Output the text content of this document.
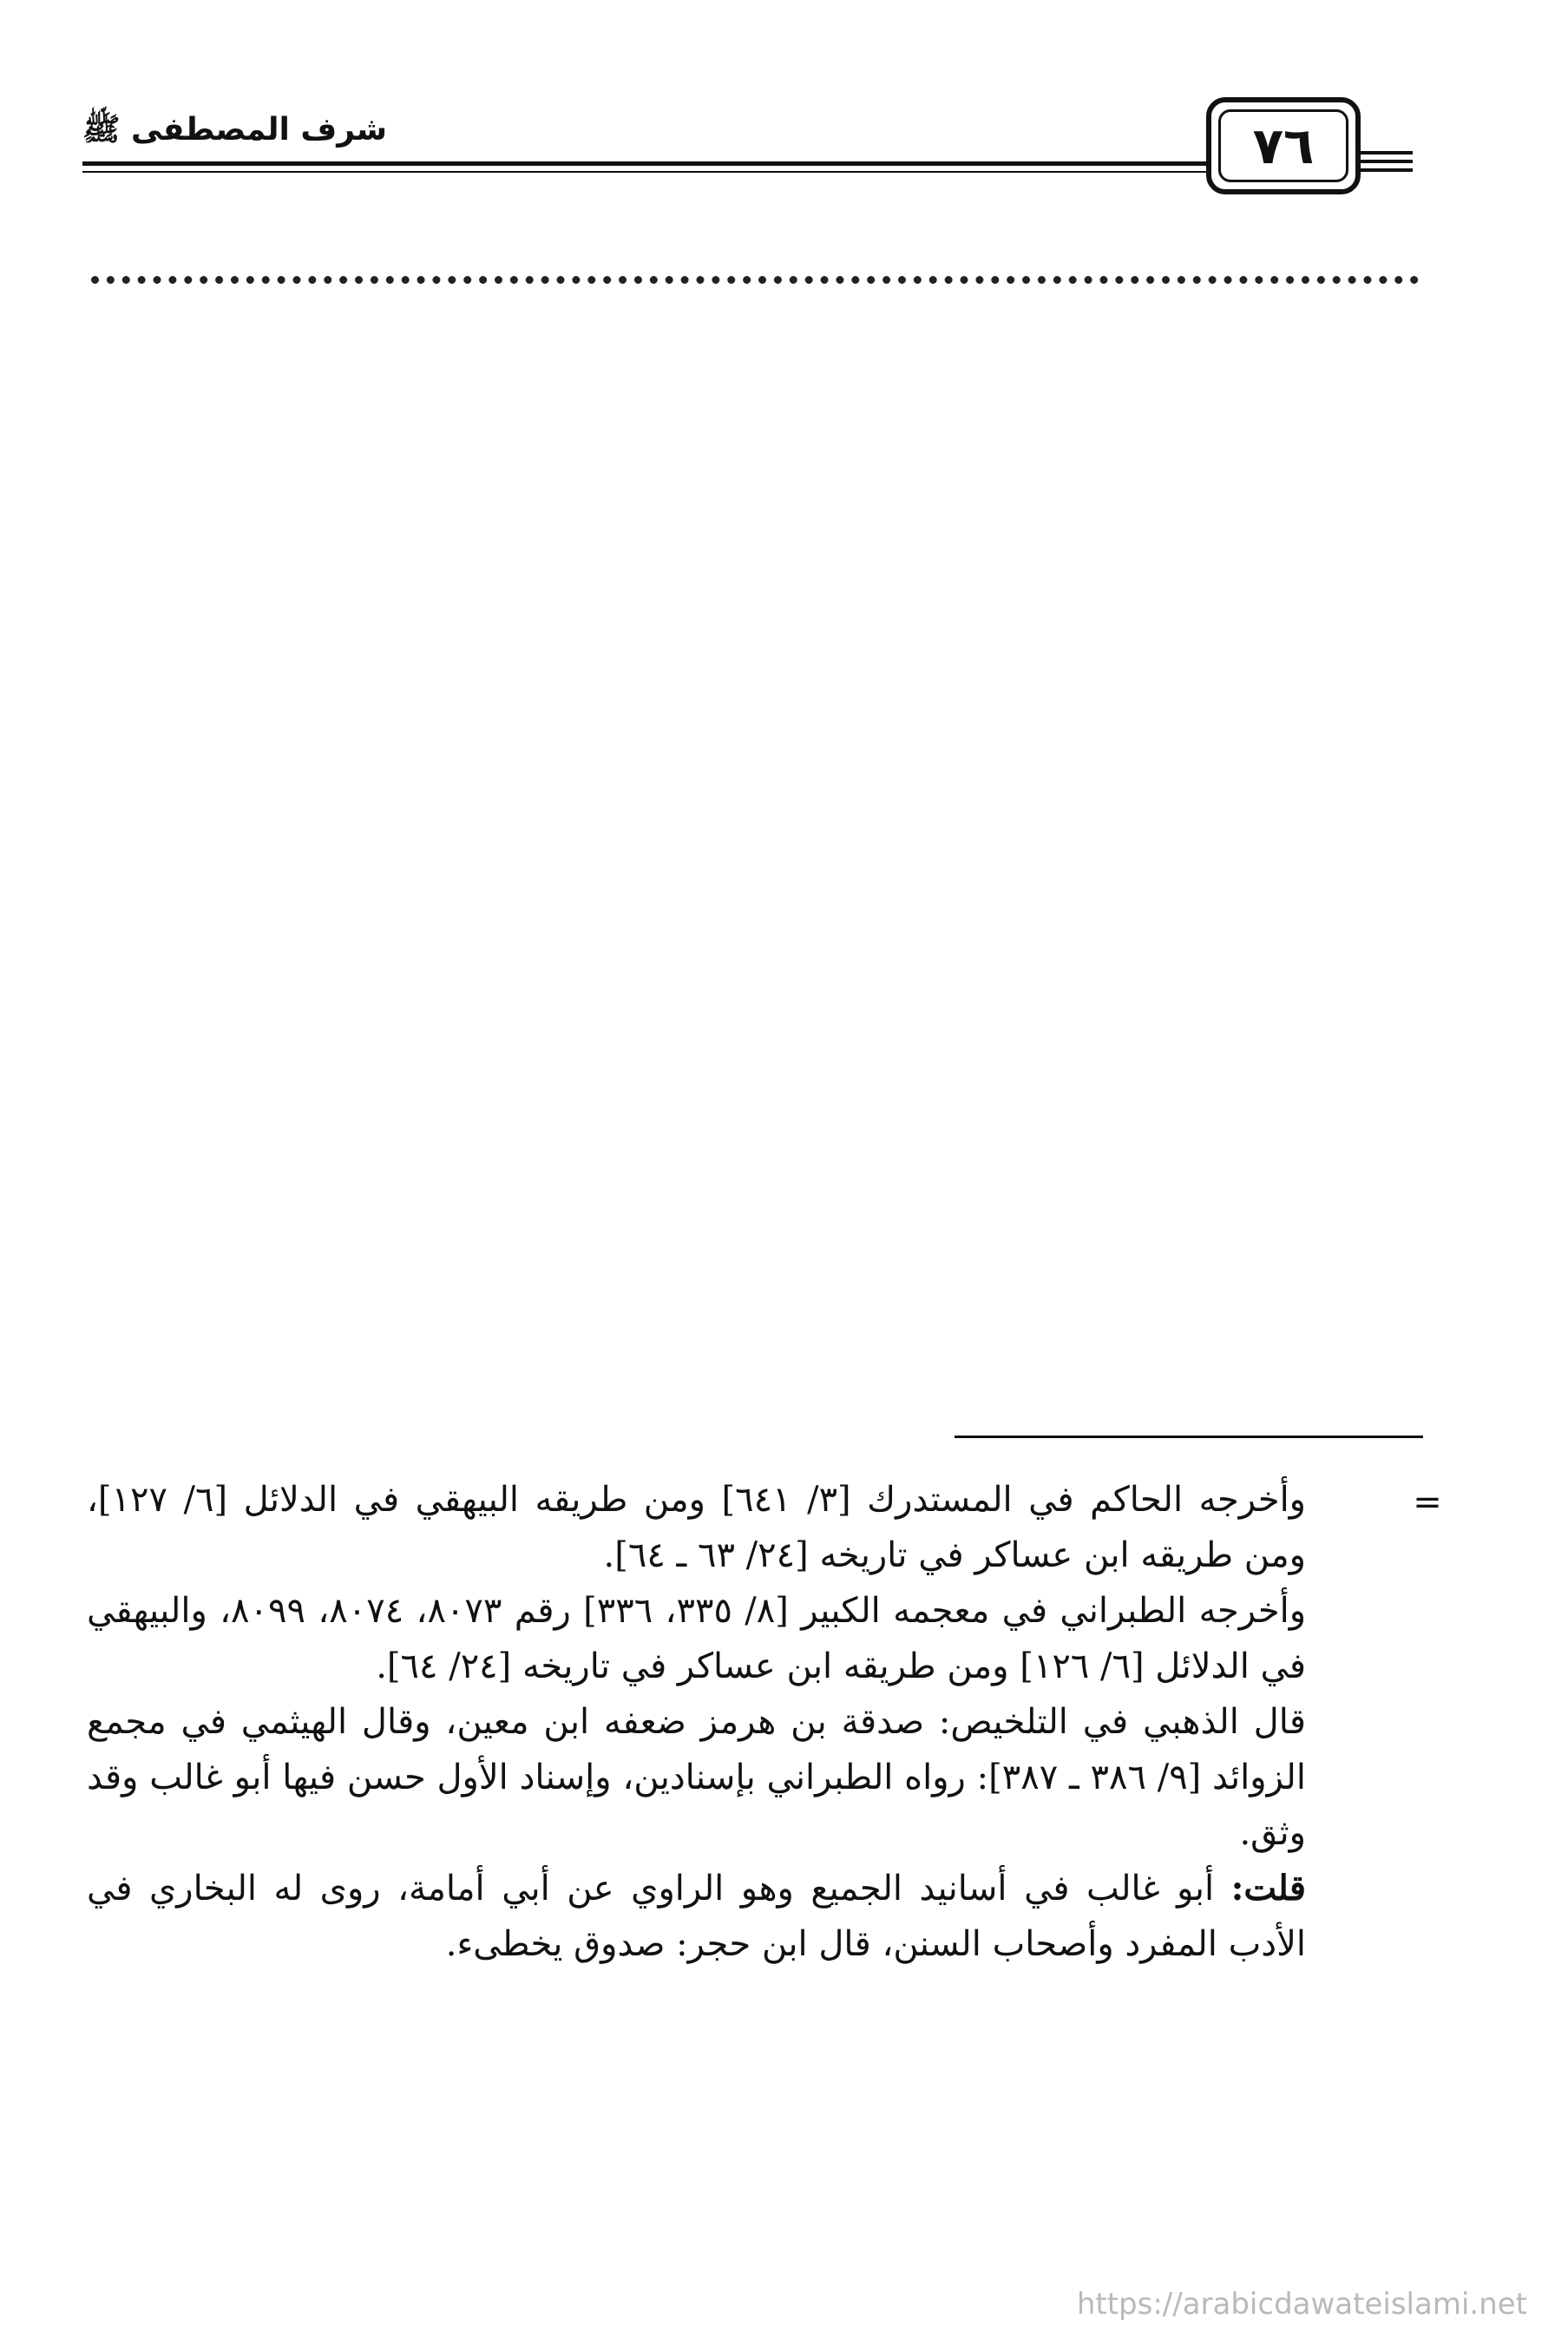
٧٦
شرف المصطفى ﷺ
=

وأخرجه الحاكم في المستدرك [٣/ ٦٤١] ومن طريقه البيهقي في الدلائل [٦/ ١٢٧]، ومن طريقه ابن عساكر في تاريخه [٢٤/ ٦٣ ـ ٦٤].

وأخرجه الطبراني في معجمه الكبير [٨/ ٣٣٥، ٣٣٦] رقم ٨٠٧٣، ٨٠٧٤، ٨٠٩٩، والبيهقي في الدلائل [٦/ ١٢٦] ومن طريقه ابن عساكر في تاريخه [٢٤/ ٦٤].

قال الذهبي في التلخيص: صدقة بن هرمز ضعفه ابن معين، وقال الهيثمي في مجمع الزوائد [٩/ ٣٨٦ ـ ٣٨٧]: رواه الطبراني بإسنادين، وإسناد الأول حسن فيها أبو غالب وقد وثق.

قلت: أبو غالب في أسانيد الجميع وهو الراوي عن أبي أمامة، روى له البخاري في الأدب المفرد وأصحاب السنن، قال ابن حجر: صدوق يخطىء.

https://arabicdawateislami.net
